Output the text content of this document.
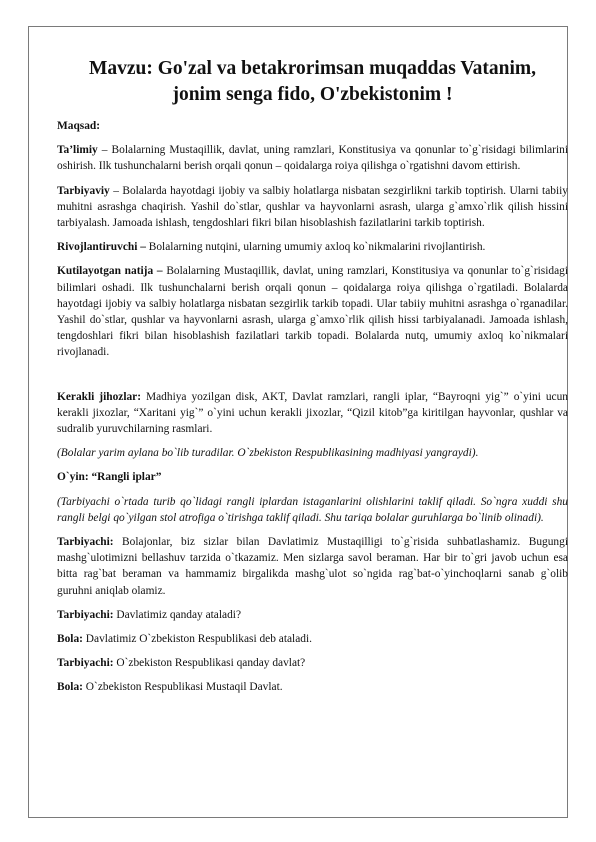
Mavzu: Go'zal va betakrorimsan muqaddas Vatanim,
jonim senga fido, O'zbekistonim !

Maqsad:

Ta’limiy – Bolalarning Mustaqillik, davlat, uning ramzlari, Konstitusiya va qonunlar to`g`risidagi bilimlarini oshirish. Ilk tushunchalarni berish orqali qonun – qoidalarga roiya qilishga o`rgatishni davom ettirish.

Tarbiyaviy – Bolalarda hayotdagi ijobiy va salbiy holatlarga nisbatan sezgirlikni tarkib toptirish. Ularni tabiiy muhitni asrashga chaqirish. Yashil do`stlar, qushlar va hayvonlarni asrash, ularga g`amxo`rlik qilish hissini tarbiyalash. Jamoada ishlash, tengdoshlari fikri bilan hisoblashish fazilatlarini tarkib toptirish.

Rivojlantiruvchi – Bolalarning nutqini, ularning umumiy axloq ko`nikmalarini rivojlantirish.

Kutilayotgan natija – Bolalarning Mustaqillik, davlat, uning ramzlari, Konstitusiya va qonunlar to`g`risidagi bilimlari oshadi. Ilk tushunchalarni berish orqali qonun – qoidalarga roiya qilishga o`rgatiladi. Bolalarda hayotdagi ijobiy va salbiy holatlarga nisbatan sezgirlik tarkib topadi. Ular tabiiy muhitni asrashga o`rganadilar. Yashil do`stlar, qushlar va hayvonlarni asrash, ularga g`amxo`rlik qilish hissi tarbiyalanadi. Jamoada ishlash, tengdoshlari fikri bilan hisoblashish fazilatlari tarkib topadi. Bolalarda nutq, umumiy axloq ko`nikmalari rivojlanadi.

Kerakli jihozlar: Madhiya yozilgan disk, AKT, Davlat ramzlari, rangli iplar, “Bayroqni yig`” o`yini ucun kerakli jixozlar, “Xaritani yig`” o`yini uchun kerakli jixozlar, “Qizil kitob”ga kiritilgan hayvonlar, qushlar va sudralib yuruvchilarning rasmlari.

(Bolalar yarim aylana bo`lib turadilar. O`zbekiston Respublikasining madhiyasi yangraydi).

O`yin: “Rangli iplar”

(Tarbiyachi o`rtada turib qo`lidagi rangli iplardan istaganlarini olishlarini taklif qiladi. So`ngra xuddi shu rangli belgi qo`yilgan stol atrofiga o`tirishga taklif qiladi. Shu tariqa bolalar guruhlarga bo`linib olinadi).

Tarbiyachi: Bolajonlar, biz sizlar bilan Davlatimiz Mustaqilligi to`g`risida suhbatlashamiz. Bugungi mashg`ulotimizni bellashuv tarzida o`tkazamiz. Men sizlarga savol beraman. Har bir to`gri javob uchun esa bitta rag`bat beraman va hammamiz birgalikda mashg`ulot so`ngida rag`bat-o`yinchoqlarni sanab g`olib guruhni aniqlab olamiz.

Tarbiyachi: Davlatimiz qanday ataladi?

Bola: Davlatimiz O`zbekiston Respublikasi deb ataladi.

Tarbiyachi: O`zbekiston Respublikasi qanday davlat?

Bola: O`zbekiston Respublikasi Mustaqil Davlat.
